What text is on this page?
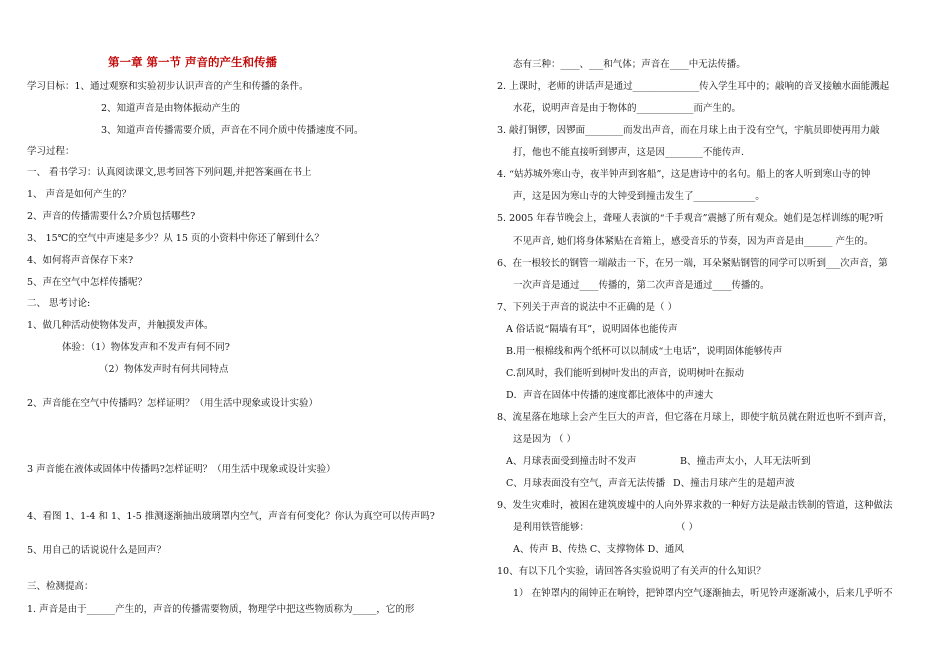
第一章 第一节 声音的产生和传播
学习目标：1、通过观察和实验初步认识声音的产生和传播的条件。
2、知道声音是由物体振动产生的
3、知道声音传播需要介质，声音在不同介质中传播速度不同。
学习过程：
一、 看书学习：认真阅读课文,思考回答下列问题,并把答案画在书上
1、 声音是如何产生的？
2、声音的传播需要什么?介质包括哪些?
3、 15℃的空气中声速是多少？从 15 页的小资料中你还了解到什么？
4、如何将声音保存下来?
5、声在空气中怎样传播呢？
二、 思考讨论:
1、做几种活动使物体发声，并触摸发声体。
体验：（1）物体发声和不发声有何不同?
（2）物体发声时有何共同特点
2、声音能在空气中传播吗？怎样证明？（用生活中现象或设计实验）
3 声音能在液体或固体中传播吗?怎样证明？（用生活中现象或设计实验）
4、看图 1、1-4 和 1、1-5 推测逐渐抽出玻璃罩内空气，声音有何变化？你认为真空可以传声吗?
5、用自己的话说说什么是回声？
三、检测提高：
1. 声音是由于______产生的，声音的传播需要物质，物理学中把这些物质称为_____，它的形
态有三种：____、___和气体；声音在____中无法传播。
2. 上课时，老师的讲话声是通过______________传入学生耳中的；敲响的音叉接触水面能溅起
水花，说明声音是由于物体的____________而产生的。
3. 敲打铜锣，因锣面________而发出声音，而在月球上由于没有空气，宇航员即使再用力敲
打，他也不能直接听到锣声，这是因________不能传声.
4. “姑苏城外寒山寺，夜半钟声到客船”，这是唐诗中的名句。船上的客人听到寒山寺的钟
声，这是因为寒山寺的大钟受到撞击发生了_____________。
5. 2005 年春节晚会上，聋哑人表演的“千手观音”震撼了所有观众。她们是怎样训练的呢?听
不见声音, 她们将身体紧贴在音箱上，感受音乐的节奏，因为声音是由______ 产生的。
6、在一根较长的钢管一端敲击一下，在另一端，耳朵紧贴钢管的同学可以听到___次声音，第
一次声音是通过____传播的，第二次声音是通过____传播的。
7、下列关于声音的说法中不正确的是（ ）
A 俗话说“隔墙有耳”，说明固体也能传声
B.用一根棉线和两个纸杯可以以制成“土电话”，说明固体能够传声
C.刮风时，我们能听到树叶发出的声音，说明树叶在振动
D．声音在固体中传播的速度都比液体中的声速大
8、流星落在地球上会产生巨大的声音，但它落在月球上，即使宇航员就在附近也听不到声音，
这是因为 （ ）
A、月球表面受到撞击时不发声	B、撞击声太小，人耳无法听到
C、月球表面没有空气，声音无法传播 D、撞击月球产生的是超声波
9、发生灾难时，被困在建筑废墟中的人向外界求救的一种好方法是敲击铁制的管道，这种做法
是利用铁管能够：	（ ）
A、传声 B、传热 C、支撑物体 D、通风
10、有以下几个实验，请回答各实验说明了有关声的什么知识？
1） 在钟罩内的闹钟正在响铃，把钟罩内空气逐渐抽去，听见铃声逐渐减小，后来几乎听不
